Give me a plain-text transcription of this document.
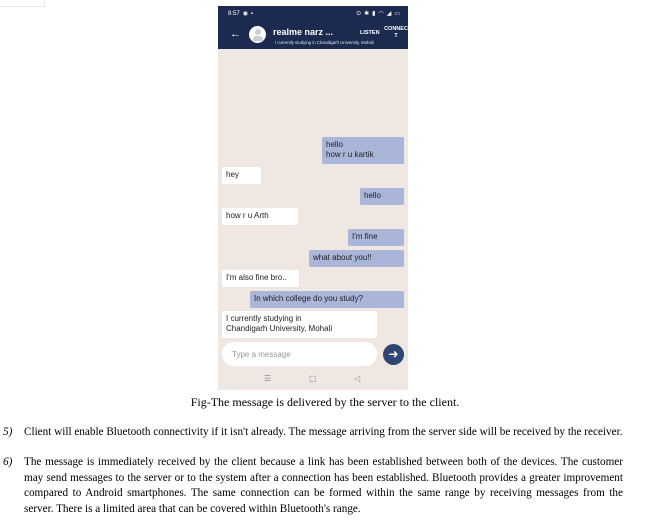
8:57 ◉ ▪	⊙ ✱ ▮ ◠ ◢ ▭
←	realme narz ...
I currently studying in Chandigarh University, Mohali
LISTEN
CONNECT
hello
how r u kartik
hey
hello
how r u Arth
I'm fine
what about you!!
I'm also fine bro..
In which college do you study?
I currently studying in
Chandigarh University, Mohali
Type a message
➜
☰	▢	◁
Fig-The message is delivered by the server to the client.
5) Client will enable Bluetooth connectivity if it isn't already. The message arriving from the server side will be received by the receiver.
6) The message is immediately received by the client because a link has been established between both of the devices. The customer may send messages to the server or to the system after a connection has been established. Bluetooth provides a greater improvement compared to Android smartphones. The same connection can be formed within the same range by receiving messages from the server. There is a limited area that can be covered within Bluetooth's range.
